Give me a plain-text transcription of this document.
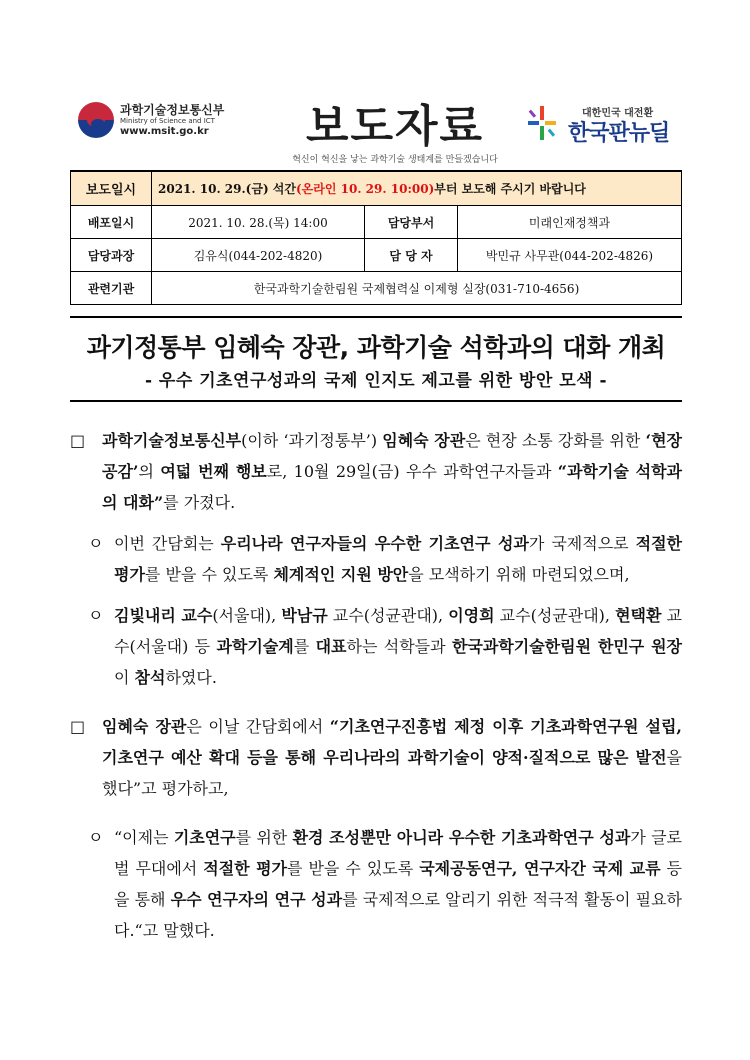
과학기술정보통신부
Ministry of Science and ICT
www.msit.go.kr	보도자료
혁신이 혁신을 낳는 과학기술 생태계를 만들겠습니다
대한민국 대전환
한국판뉴딜
보도일시	2021. 10. 29.(금) 석간(온라인 10. 29. 10:00)부터 보도해 주시기 바랍니다		
배포일시	2021. 10. 28.(목) 14:00	담당부서	미래인재정책과
담당과장	김유식(044-202-4820)	담 당 자	박민규 사무관(044-202-4826)
관련기관	한국과학기술한림원 국제협력실 이제형 실장(031-710-4656)		
과기정통부 임혜숙 장관, 과학기술 석학과의 대화 개최
- 우수 기초연구성과의 국제 인지도 제고를 위한 방안 모색 -

□ 과학기술정보통신부(이하 ‘과기정통부’) 임혜숙 장관은 현장 소통 강화를 위한 ‘현장 공감’의 여덟 번째 행보로, 10월 29일(금) 우수 과학연구자들과 “과학기술 석학과의 대화”를 가졌다.

ㅇ 이번 간담회는 우리나라 연구자들의 우수한 기초연구 성과가 국제적으로 적절한 평가를 받을 수 있도록 체계적인 지원 방안을 모색하기 위해 마련되었으며,

ㅇ 김빛내리 교수(서울대), 박남규 교수(성균관대), 이영희 교수(성균관대), 현택환 교수(서울대) 등 과학기술계를 대표하는 석학들과 한국과학기술한림원 한민구 원장이 참석하였다.

□ 임혜숙 장관은 이날 간담회에서 “기초연구진흥법 제정 이후 기초과학연구원 설립, 기초연구 예산 확대 등을 통해 우리나라의 과학기술이 양적·질적으로 많은 발전을 했다”고 평가하고,

ㅇ “이제는 기초연구를 위한 환경 조성뿐만 아니라 우수한 기초과학연구 성과가 글로벌 무대에서 적절한 평가를 받을 수 있도록 국제공동연구, 연구자간 국제 교류 등을 통해 우수 연구자의 연구 성과를 국제적으로 알리기 위한 적극적 활동이 필요하다.“고 말했다.
